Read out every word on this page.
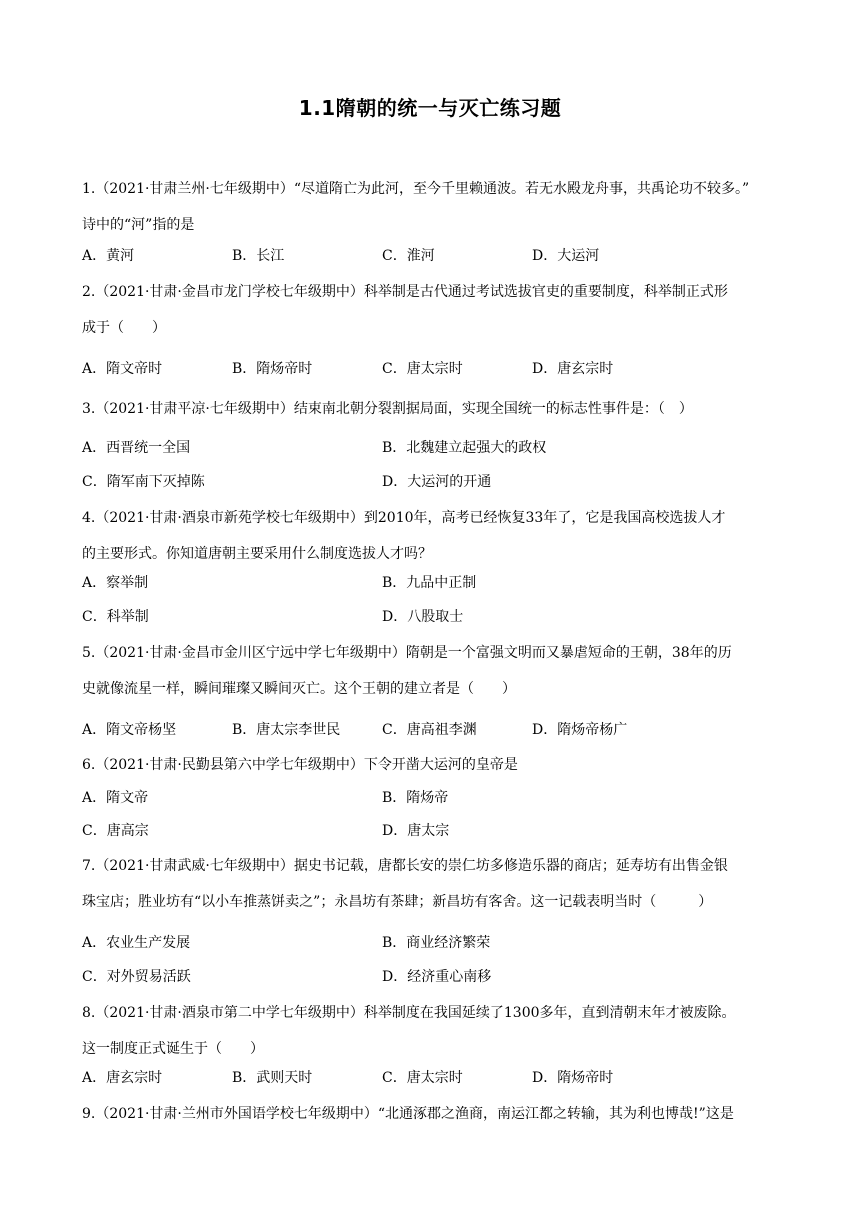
1.1隋朝的统一与灭亡练习题
1.（2021·甘肃兰州·七年级期中）“尽道隋亡为此河，至今千里赖通波。若无水殿龙舟事，共禹论功不较多。”
诗中的“河”指的是
A．黄河	B．长江	C．淮河	D．大运河
2.（2021·甘肃·金昌市龙门学校七年级期中）科举制是古代通过考试选拔官吏的重要制度，科举制正式形
成于（　　）
A．隋文帝时	B．隋炀帝时	C．唐太宗时	D．唐玄宗时
3.（2021·甘肃平凉·七年级期中）结束南北朝分裂割据局面，实现全国统一的标志性事件是：（　）
A．西晋统一全国	B．北魏建立起强大的政权
C．隋军南下灭掉陈	D．大运河的开通
4.（2021·甘肃·酒泉市新苑学校七年级期中）到2010年，高考已经恢复33年了，它是我国高校选拔人才
的主要形式。你知道唐朝主要采用什么制度选拔人才吗？
A．察举制	B．九品中正制
C．科举制	D．八股取士
5.（2021·甘肃·金昌市金川区宁远中学七年级期中）隋朝是一个富强文明而又暴虐短命的王朝，38年的历
史就像流星一样，瞬间璀璨又瞬间灭亡。这个王朝的建立者是（　　）
A．隋文帝杨坚	B．唐太宗李世民	C．唐高祖李渊	D．隋炀帝杨广
6.（2021·甘肃·民勤县第六中学七年级期中）下令开凿大运河的皇帝是
A．隋文帝	B．隋炀帝
C．唐高宗	D．唐太宗
7.（2021·甘肃武威·七年级期中）据史书记载，唐都长安的崇仁坊多修造乐器的商店；延寿坊有出售金银
珠宝店；胜业坊有“以小车推蒸饼卖之”；永昌坊有茶肆；新昌坊有客舍。这一记载表明当时（　　　）
A．农业生产发展	B．商业经济繁荣
C．对外贸易活跃	D．经济重心南移
8.（2021·甘肃·酒泉市第二中学七年级期中）科举制度在我国延续了1300多年，直到清朝末年才被废除。
这一制度正式诞生于（　　）
A．唐玄宗时	B．武则天时	C．唐太宗时	D．隋炀帝时
9.（2021·甘肃·兰州市外国语学校七年级期中）“北通涿郡之渔商，南运江都之转输，其为利也博哉!”这是
